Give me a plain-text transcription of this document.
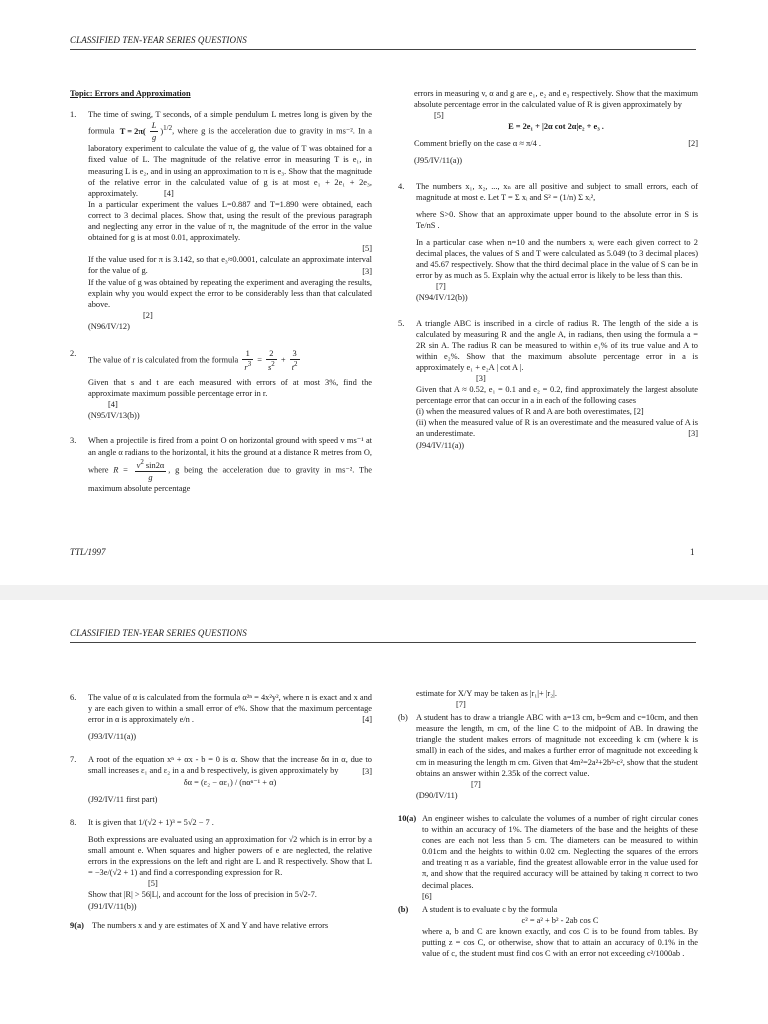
CLASSIFIED TEN-YEAR SERIES QUESTIONS
Topic: Errors and Approximation
1. The time of swing, T seconds, of a simple pendulum L metres long is given by the formula $T = 2\pi( \frac{L}{g} )^{1/2}$, where g is the acceleration due to gravity in ms⁻². In a laboratory experiment to calculate the value of g, the value of T was obtained for a fixed value of L. The magnitude of the relative error in measuring T is e₁, in measuring L is e₂, and in using an approximation to π is e₃. Show that the magnitude of the relative error in the calculated value of g is at most e₁ + 2e₁ + 2e₃, approximately.	[4]

In a particular experiment the values L=0.887 and T=1.890 were obtained, each correct to 3 decimal places. Show that, using the result of the previous paragraph and neglecting any error in the value of π, the magnitude of the error in the value obtained for g is at most 0.01, approximately.

[5]

If the value used for π is 3.142, so that e₃≈0.0001, calculate an approximate interval for the value of g.	[3]

If the value of g was obtained by repeating the experiment and averaging the results, explain why you would expect the error to be considerably less than that calculated above.

[2]

(N96/IV/12)

2.

The value of r is calculated from the formula $\frac{1}{r^3} = \frac{2}{s^2} + \frac{3}{t^2}$

Given that s and t are each measured with errors of at most 3%, find the approximate maximum possible percentage error in r.

[4]

(N95/IV/13(b))

3. When a projectile is fired from a point O on horizontal ground with speed v ms⁻¹ at an angle α radians to the horizontal, it hits the ground at a distance R metres from O, where $R = \frac{v^2 \sin 2\alpha}{g}$ , g being the acceleration due to gravity in ms⁻². The maximum absolute percentage

errors in measuring v, α and g are e₁, e₂ and e₃ respectively. Show that the maximum absolute percentage error in the calculated value of R is given approximately by

[5]

E = 2e₁ + |2α cot 2α|e₂ + e₃ .

Comment briefly on the case α ≈ π/4 .	[2]

(J95/IV/11(a))

4. The numbers x₁, x₂, ..., xₙ are all positive and subject to small errors, each of magnitude at most e. Let T = Σ xᵢ and S² = (1/n) Σ xᵢ²,

where S>0. Show that an approximate upper bound to the absolute error in S is Te/nS .

In a particular case when n=10 and the numbers xᵢ were each given correct to 2 decimal places, the values of S and T were calculated as 5.049 (to 3 decimal places) and 45.67 respectively. Show that the third decimal place in the value of S can be in error by as much as 5. Explain why the actual error is likely to be less than this.

[7]

(N94/IV/12(b))

5. A triangle ABC is inscribed in a circle of radius R. The length of the side a is calculated by measuring R and the angle A, in radians, then using the formula a = 2R sin A. The radius R can be measured to within e₁% of its true value and A to within e₂%. Show that the maximum absolute percentage error in a is approximately e₁ + e₂A | cot A |.

[3]

Given that A ≈ 0.52, e₁ = 0.1 and e₂ = 0.2, find approximately the largest absolute percentage error that can occur in a in each of the following cases

(i) when the measured values of R and A are both overestimates, [2]

(ii) when the measured value of R is an overestimate and the measured value of A is an underestimate.	[3]

(J94/IV/11(a))

TTL/1997	1
CLASSIFIED TEN-YEAR SERIES QUESTIONS
6. The value of α is calculated from the formula α²ⁿ = 4x²y², where n is exact and x and y are each given to within a small error of e%. Show that the maximum percentage error in α is approximately e/n .	[4]

(J93/IV/11(a))

7. A root of the equation xⁿ + αx - b = 0 is α. Show that the increase δα in α, due to small increases ε₁ and ε₂ in a and b respectively, is given approximately by	[3]

δα = (ε₂ − αε₁) / (nαⁿ⁻¹ + α)

(J92/IV/11 first part)

8. It is given that 1/(√2 + 1)³ = 5√2 − 7 .

Both expressions are evaluated using an approximation for √2 which is in error by a small amount e. When squares and higher powers of e are neglected, the relative errors in the expressions on the left and right are L and R respectively. Show that L = −3e/(√2 + 1) and find a corresponding expression for R.

[5]

Show that |R| > 56|L|, and account for the loss of precision in 5√2-7.

(J91/IV/11(b))

9(a) The numbers x and y are estimates of X and Y and have relative errors

estimate for X/Y may be taken as |r₁|+ |r₂|.

[7]

(b) A student has to draw a triangle ABC with a=13 cm, b=9cm and c=10cm, and then measure the length, m cm, of the line C to the midpoint of AB. In drawing the triangle the student makes errors of magnitude not exceeding k cm (where k is small) in each of the sides, and makes a further error of magnitude not exceeding k cm in measuring the length m cm. Given that 4m²=2a²+2b²-c², show that the student obtains an answer within 2.35k of the correct value.

[7]

(D90/IV/11)

10(a) An engineer wishes to calculate the volumes of a number of right circular cones to within an accuracy of 1%. The diameters of the base and the heights of these cones are each not less than 5 cm. The diameters can be measured to within 0.01cm and the heights to within 0.02 cm. Neglecting the squares of the errors and treating π as a variable, find the greatest allowable error in the value used for π, and show that the required accuracy will be attained by taking π correct to two decimal places.

[6]

(b) A student is to evaluate c by the formula

c² = a² + b² - 2ab cos C

where a, b and C are known exactly, and cos C is to be found from tables. By putting z = cos C, or otherwise, show that to attain an accuracy of 0.1% in the value of c, the student must find cos C with an error not exceeding c²/1000ab .
